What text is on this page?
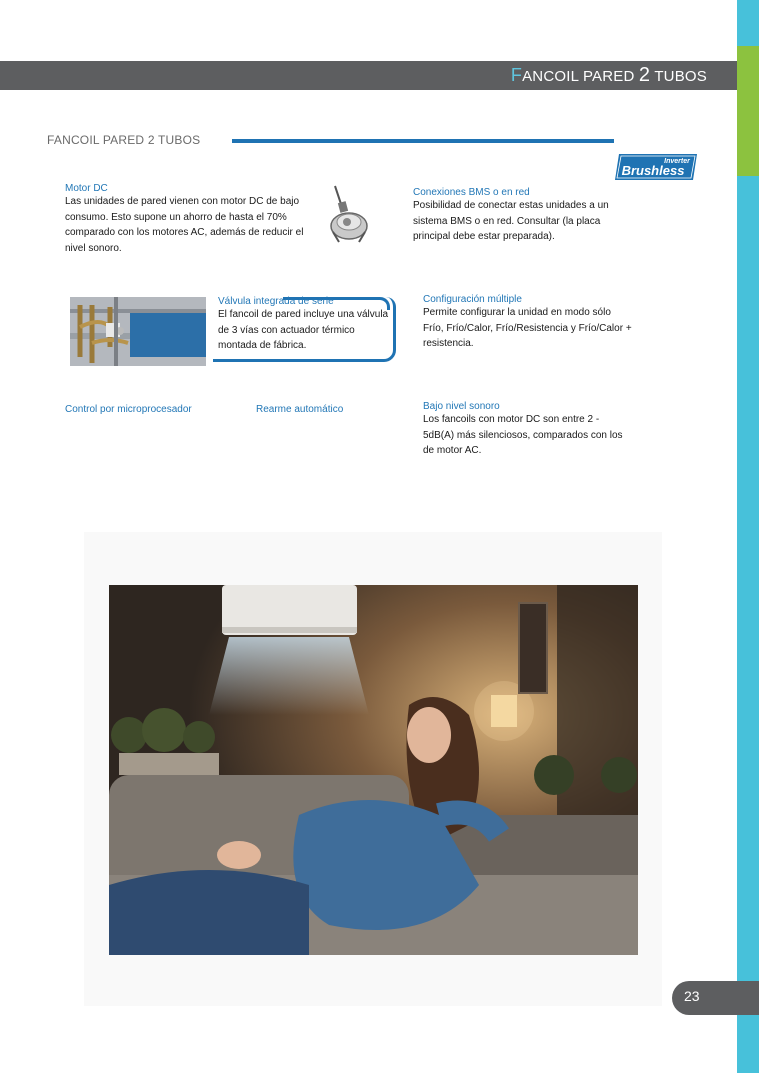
FANCOIL PARED 2 TUBOS
FANCOIL PARED 2 TUBOS
Inverter
Brushless
Motor DC
Las unidades de pared vienen con motor DC de bajo consumo. Esto supone un ahorro de hasta el 70% comparado con los motores AC, además de reducir el nivel sonoro.
Conexiones BMS o en red
Posibilidad de conectar estas unidades a un sistema BMS o en red. Consultar (la placa principal debe estar preparada).
Válvula integrada de serie
El fancoil de pared incluye una válvula de 3 vías con actuador térmico montada de fábrica.
Configuración múltiple
Permite configurar la unidad en modo sólo Frío, Frío/Calor, Frío/Resistencia y Frío/Calor + resistencia.
Control por microprocesador	Rearme automático	Bajo nivel sonoro
Los fancoils con motor DC son entre 2 - 5dB(A) más silenciosos, comparados con los de motor AC.
23
